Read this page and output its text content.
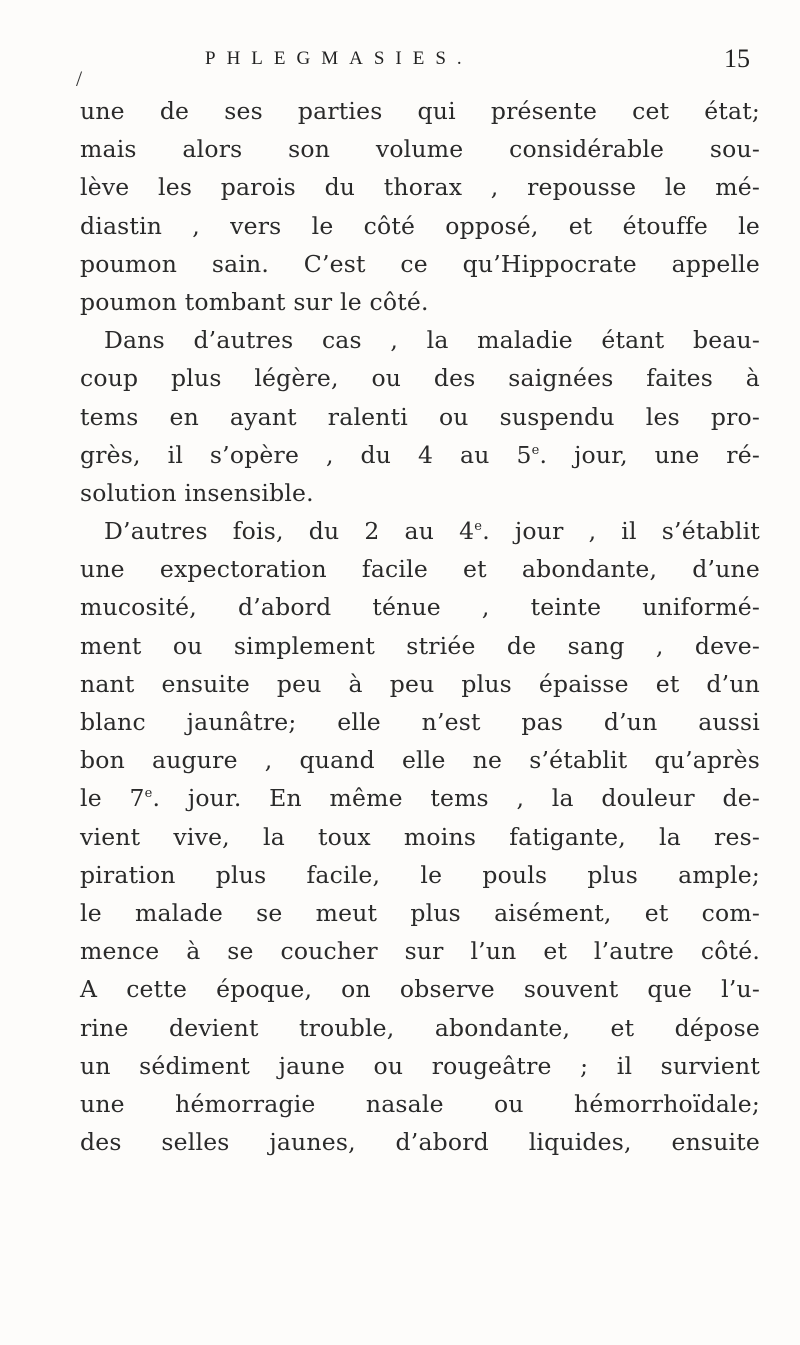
/
PHLEGMASIES.	15
une de ses parties qui présente cet état;
mais alors son volume considérable sou-
lève les parois du thorax , repousse le mé-
diastin , vers le côté opposé, et étouffe le
poumon sain. C’est ce qu’Hippocrate appelle
poumon tombant sur le côté.
Dans d’autres cas , la maladie étant beau-
coup plus légère, ou des saignées faites à
tems en ayant ralenti ou suspendu les pro-
grès, il s’opère , du 4 au 5e. jour, une ré-
solution insensible.
D’autres fois, du 2 au 4e. jour , il s’établit
une expectoration facile et abondante, d’une
mucosité, d’abord ténue , teinte uniformé-
ment ou simplement striée de sang , deve-
nant ensuite peu à peu plus épaisse et d’un
blanc jaunâtre; elle n’est pas d’un aussi
bon augure , quand elle ne s’établit qu’après
le 7e. jour. En même tems , la douleur de-
vient vive, la toux moins fatigante, la res-
piration plus facile, le pouls plus ample;
le malade se meut plus aisément, et com-
mence à se coucher sur l’un et l’autre côté.
A cette époque, on observe souvent que l’u-
rine devient trouble, abondante, et dépose
un sédiment jaune ou rougeâtre ; il survient
une hémorragie nasale ou hémorrhoïdale;
des selles jaunes, d’abord liquides, ensuite
